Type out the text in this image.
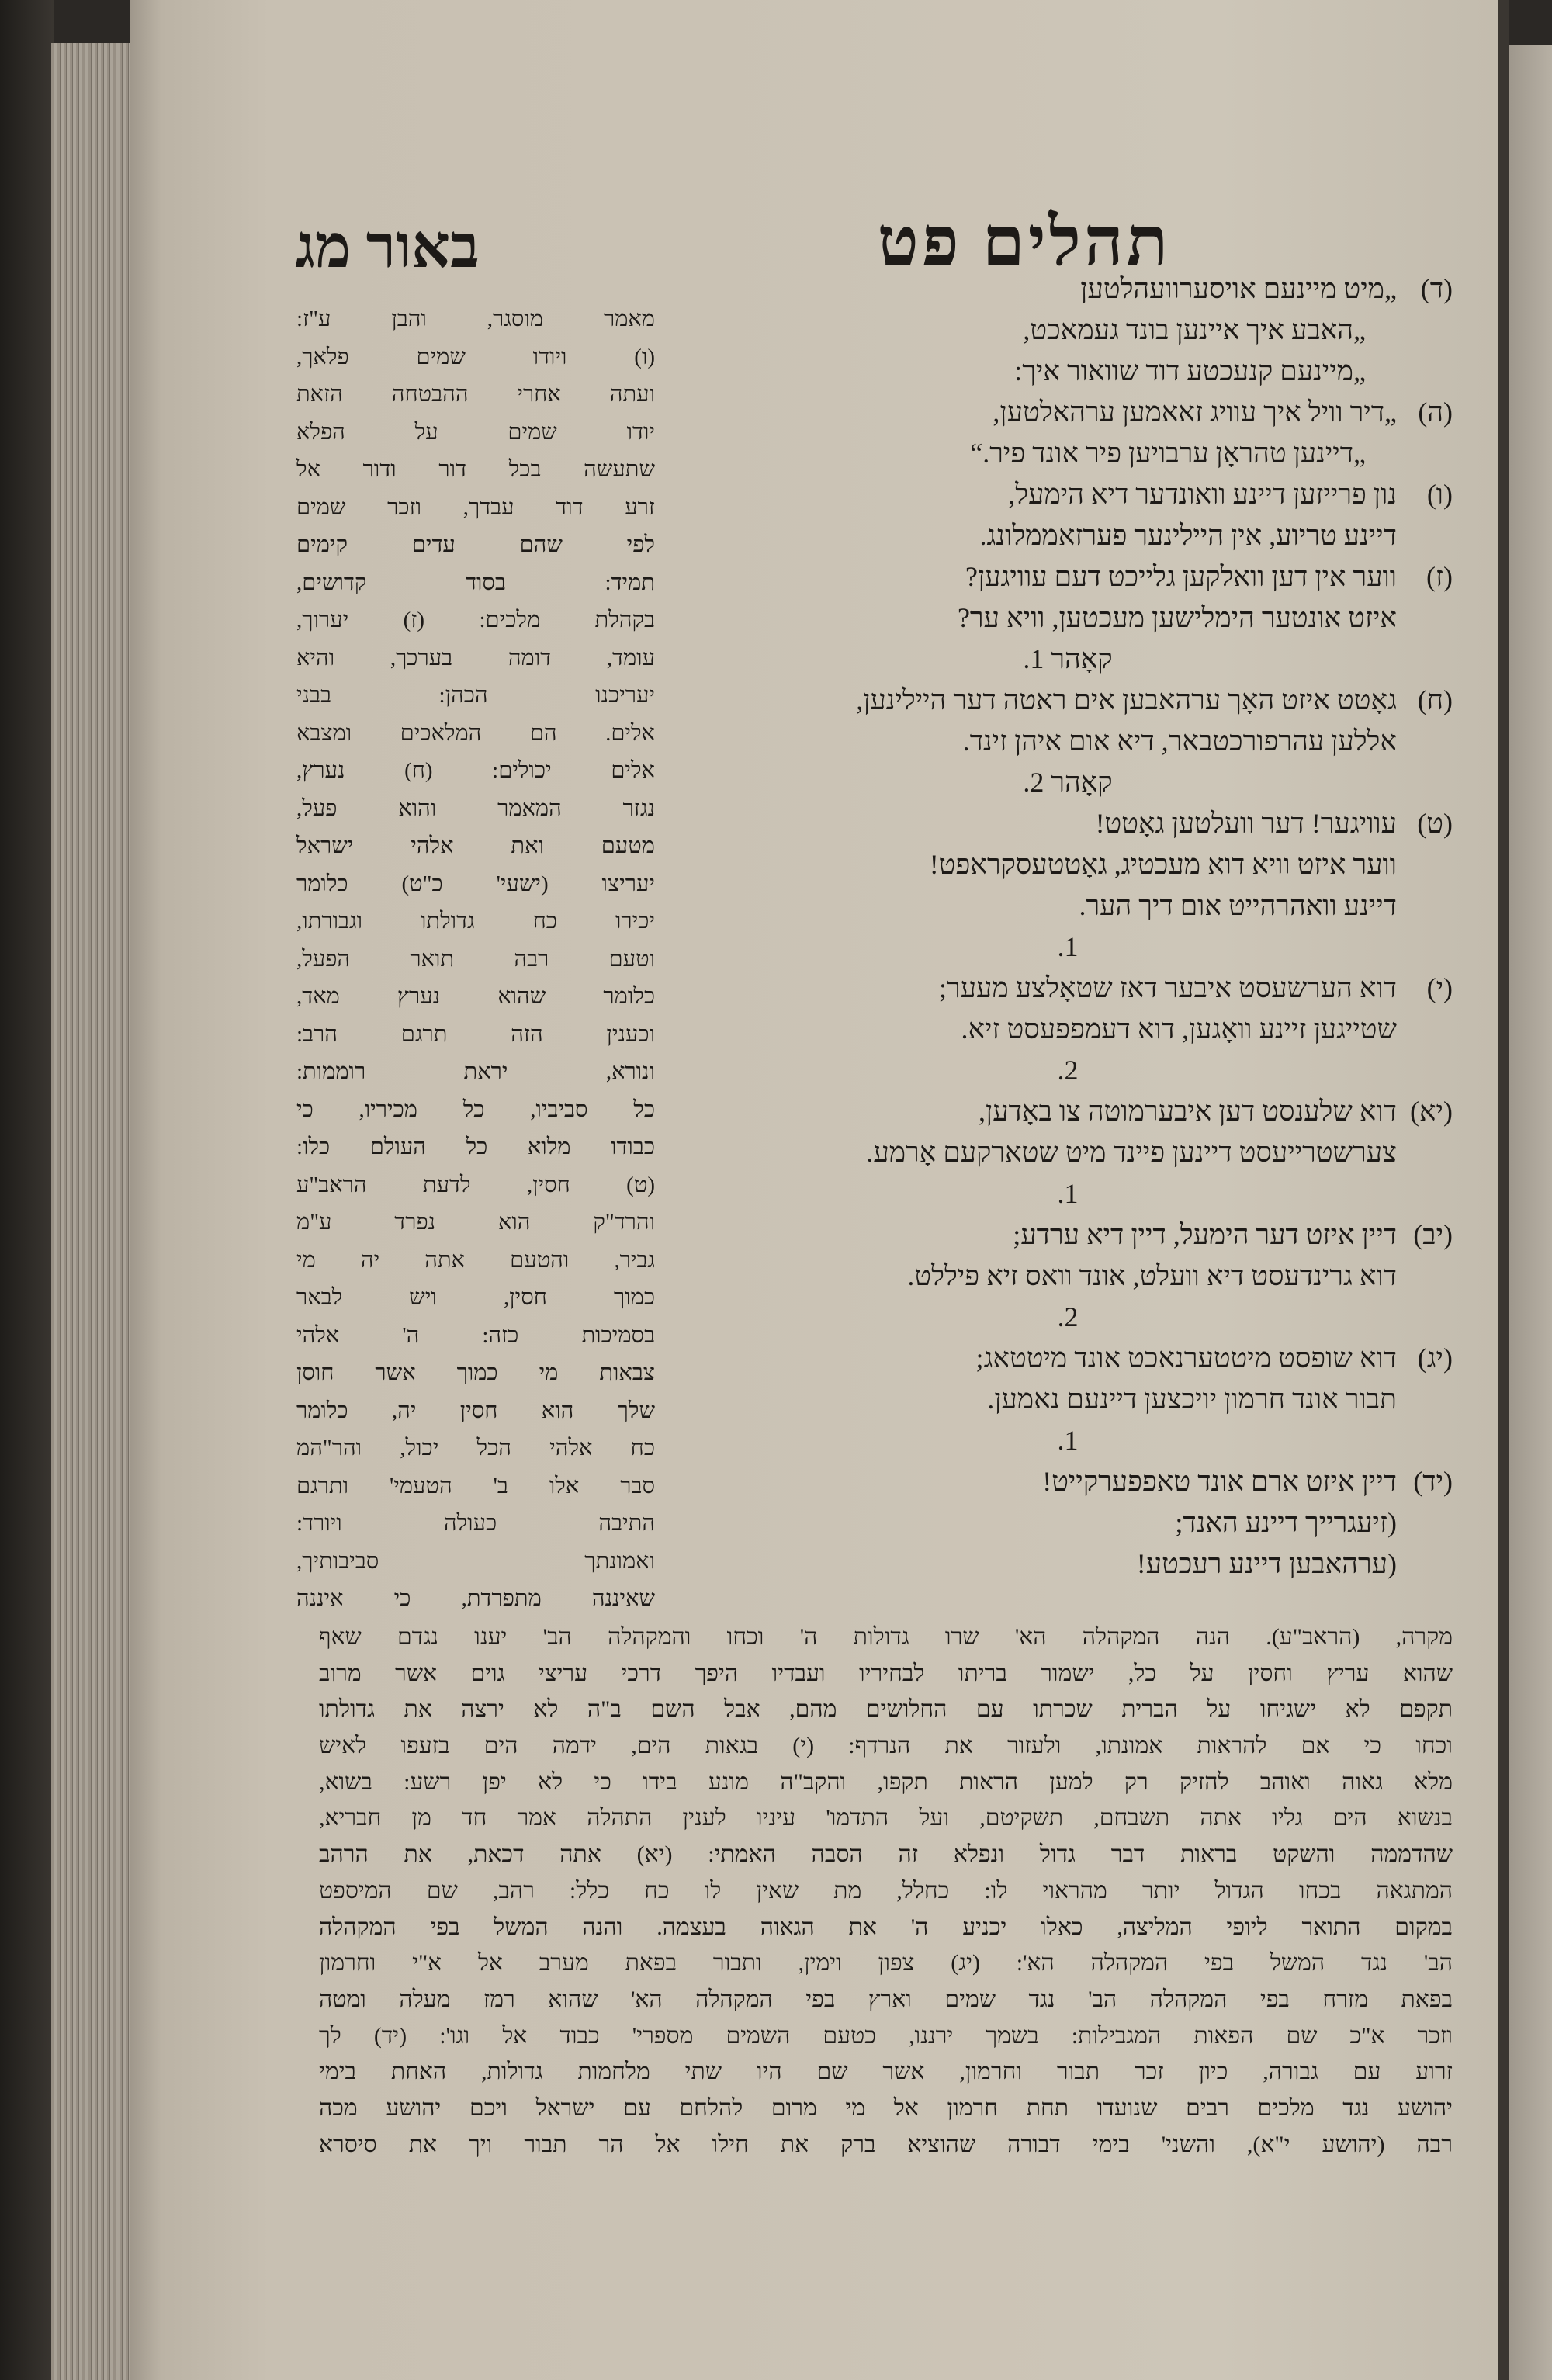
תהלים פט
באור מג
(ד)
„מיט מיינעם אויסערוועהלטען
„האבע איך איינען בונד געמאכט,
„מיינעם קנעכטע דוד שוואור איך:
(ה)
„דיר וויל איך עוויג זאאמען ערהאלטען,
„דיינען טהראָן ערבויען פיר אונד פיר.“
(ו)
נון פרייזען דיינע וואונדער דיא הימעל,
דיינע טריוע, אין היילינער פערזאממלונג.
(ז)
ווער אין דען וואלקען גלייכט דעם עוויגען?
איזט אונטער הימלישען מעכטען, וויא ער?
קאָהר 1.
(ח)
גאָטט איזט האָך ערהאבען אים ראטה דער היילינען,
אללען עהרפורכטבאר, דיא אום איהן זינד.
קאָהר 2.
(ט)
עוויגער! דער וועלטען גאָטט!
ווער איזט וויא דוא מעכטיג, גאָטטעסקראפט!
דיינע וואהרהייט אום דיך הער.
1.
(י)
דוא הערשעסט איבער דאז שטאָלצע מעער;
שטייגען זיינע וואָגען, דוא דעמפפעסט זיא.
2.
(יא)
דוא שלענסט דען איבערמוטה צו באָדען,
צערשטרייעסט דיינען פיינד מיט שטארקעם אָרמע.
1.
(יב)
דיין איזט דער הימעל, דיין דיא ערדע;
דוא גרינדעסט דיא וועלט, אונד וואס זיא פיללט.
2.
(יג)
דוא שופסט מיטטערנאכט אונד מיטטאג;
תבור אונד חרמון יויכצען דיינעם נאמען.
1.
(יד)
דיין איזט ארם אונד טאפפערקייט!
(זיעגרייך דיינע האנד;
(ערהאבען דיינע רעכטע!
מאמר מוסגר, והבן ע"ז:
(ו) ויודו שמים פלאך,
ועתה אחרי ההבטחה הזאת
יודו שמים על הפלא
שתעשה בכל דור ודור אל
זרע דוד עבדך, וזכר שמים
לפי שהם עדים קימים
תמיד: בסוד קדושים,
בקהלת מלכים: (ז) יערוך,
עומד, דומה בערכך, והיא
יעריכנו הכהן: בבני
אלים. הם המלאכים ומצבא
אלים יכולים: (ח) נערץ,
נגזר המאמר והוא פעל,
מטעם ואת אלהי ישראל
יעריצו (ישעי' כ"ט) כלומר
יכירו כח גדולתו וגבורתו,
וטעם רבה תואר הפעל,
כלומר שהוא נערץ מאד,
וכענין הזה תרגם הרב:
ונורא, יראת רוממות:
כל סביביו, כל מכיריו, כי
כבודו מלוא כל העולם כלו:
(ט) חסין, לדעת הראב"ע
והרד"ק הוא נפרד ע"מ
גביר, והטעם אתה יה מי
כמוך חסין, ויש לבאר
בסמיכות כזה: ה' אלהי
צבאות מי כמוך אשר חוסן
שלך הוא חסין יה, כלומר
כח אלהי הכל יכול, והר"המ
סבר אלו ב' הטעמי' ותרגם
התיבה כעולה ויורד:
ואמונתך סביבותיך,
שאיננה מתפרדת, כי איננה
מקרה, (הראב"ע). הנה המקהלה הא' שרו גדולות ה' וכחו והמקהלה הב' יענו נגדם שאף
שהוא עריץ וחסין על כל, ישמור בריתו לבחיריו ועבדיו היפך דרכי עריצי גוים אשר מרוב
תקפם לא ישגיחו על הברית שכרתו עם החלושים מהם, אבל השם ב"ה לא ירצה את גדולתו
וכחו כי אם להראות אמונתו, ולעזור את הנרדף: (י) בגאות הים, ידמה הים בזעפו לאיש
מלא גאוה ואוהב להזיק רק למען הראות תקפו, והקב"ה מונע בידו כי לא יפן רשע: בשוא,
בנשוא הים גליו אתה תשבחם, תשקיטם, ועל התדמו' עיניו לענין התהלה אמר חד מן חבריא,
שהדממה והשקט בראות דבר גדול ונפלא זה הסבה האמתי: (יא) אתה דכאת, את הרהב
המתגאה בכחו הגדול יותר מהראוי לו: כחלל, מת שאין לו כח כלל: רהב, שם המיספט
במקום התואר ליופי המליצה, כאלו יכניע ה' את הגאוה בעצמה. והנה המשל בפי המקהלה
הב' נגד המשל בפי המקהלה הא': (יג) צפון וימין, ותבור בפאת מערב אל א"י וחרמון
בפאת מזרח בפי המקהלה הב' נגד שמים וארץ בפי המקהלה הא' שהוא רמז מעלה ומטה
וזכר א"כ שם הפאות המגבילות: בשמך ירננו, כטעם השמים מספרי' כבוד אל וגו': (יד) לך
זרוע עם גבורה, כיון זכר תבור וחרמון, אשר שם היו שתי מלחמות גדולות, האחת בימי
יהושע נגד מלכים רבים שנועדו תחת חרמון אל מי מרום להלחם עם ישראל ויכם יהושע מכה
רבה (יהושע י"א), והשני' בימי דבורה שהוציא ברק את חילו אל הר תבור ויך את סיסרא
